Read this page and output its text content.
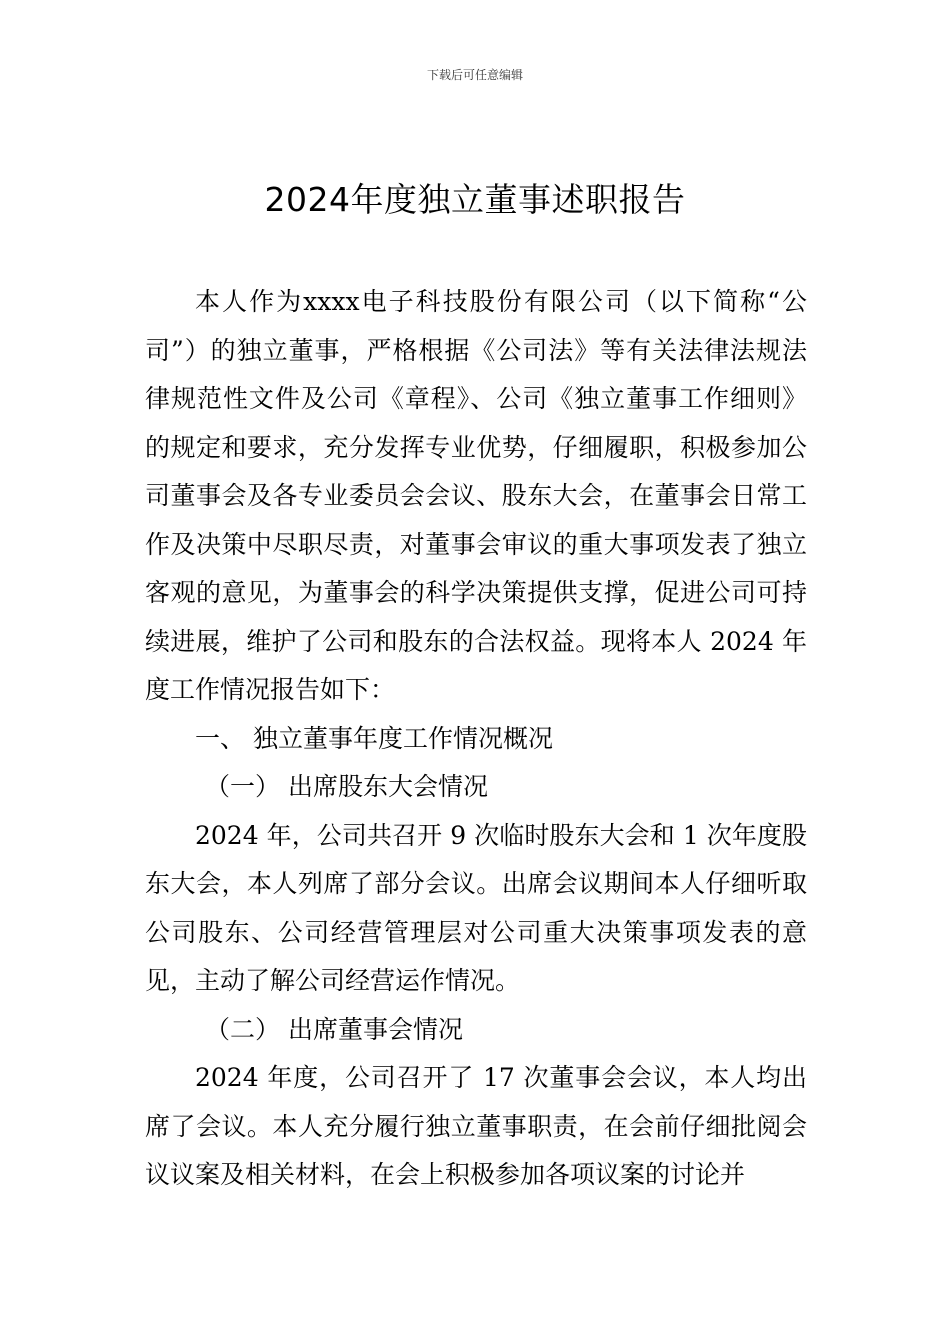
下载后可任意编辑
2024年度独立董事述职报告

本人作为xxxx电子科技股份有限公司（以下简称“公司”）的独立董事，严格根据《公司法》等有关法律法规法律规范性文件及公司《章程》、公司《独立董事工作细则》的规定和要求，充分发挥专业优势，仔细履职，积极参加公司董事会及各专业委员会会议、股东大会，在董事会日常工作及决策中尽职尽责，对董事会审议的重大事项发表了独立客观的意见，为董事会的科学决策提供支撑，促进公司可持续进展，维护了公司和股东的合法权益。现将本人 2024 年度工作情况报告如下：

一、 独立董事年度工作情况概况

（一） 出席股东大会情况

2024 年，公司共召开 9 次临时股东大会和 1 次年度股东大会，本人列席了部分会议。出席会议期间本人仔细听取公司股东、公司经营管理层对公司重大决策事项发表的意见，主动了解公司经营运作情况。

（二） 出席董事会情况

2024 年度，公司召开了 17 次董事会会议，本人均出席了会议。本人充分履行独立董事职责，在会前仔细批阅会议议案及相关材料，在会上积极参加各项议案的讨论并
